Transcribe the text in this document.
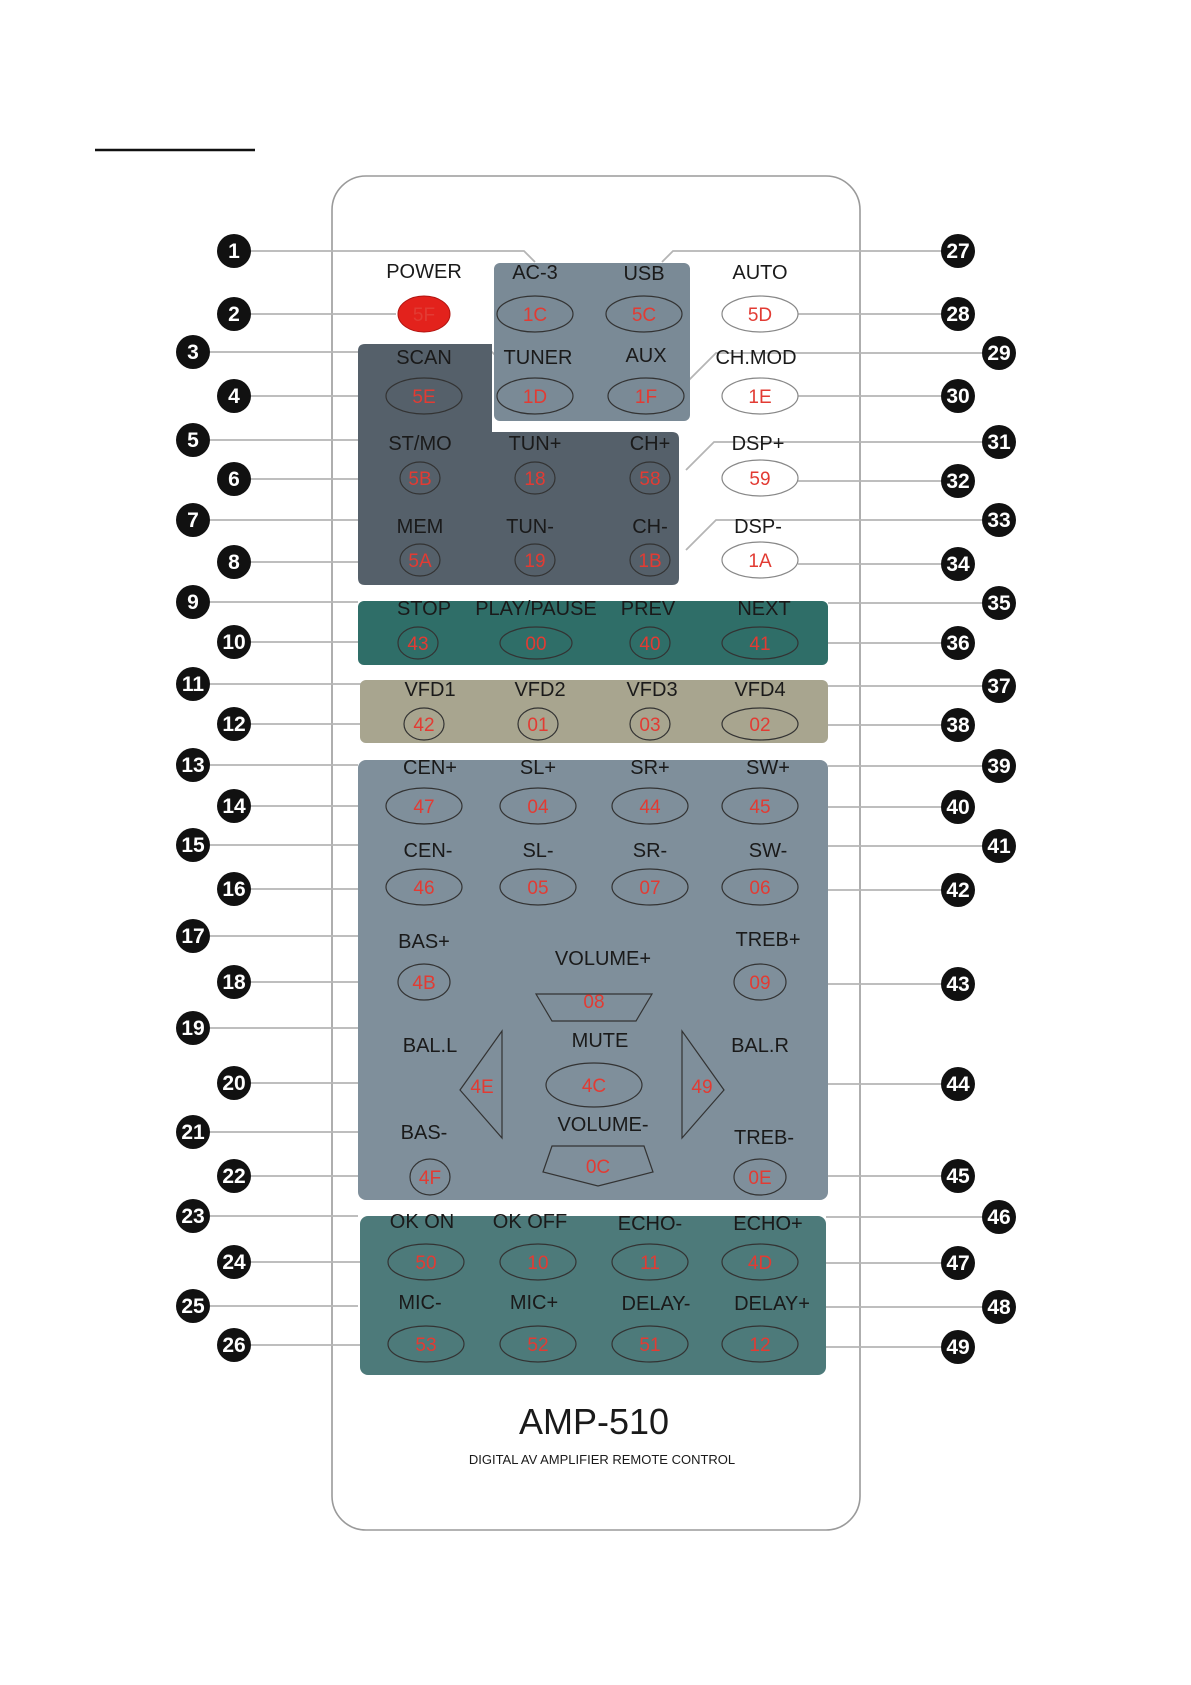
POWER
5F
AC-3
1C
USB
5C
AUTO
5D
SCAN
5E
TUNER
1D
AUX
1F
CH.MOD
1E
ST/MO
5B
TUN+
18
CH+
58
DSP+
59
MEM
5A
TUN-
19
CH-
1B
DSP-
1A
STOP
43
PLAY/PAUSE
00
PREV
40
NEXT
41
VFD1
42
VFD2
01
VFD3
03
VFD4
02
CEN+
47
SL+
04
SR+
44
SW+
45
CEN-
46
SL-
05
SR-
07
SW-
06
BAS+
4B
VOLUME+
08
TREB+
09
BAL.L
4E
MUTE
4C
BAL.R
49
BAS-
4F
VOLUME-
0C
TREB-
0E
OK ON
50
OK OFF
10
ECHO-
11
ECHO+
4D
MIC-
53
MIC+
52
DELAY-
51
DELAY+
12
1
2
3
4
5
6
7
8
9
10
11
12
13
14
15
16
17
18
19
20
21
22
23
24
25
26
27
28
29
30
31
32
33
34
35
36
37
38
39
40
41
42
43
44
45
46
47
48
49
AMP-510
DIGITAL AV AMPLIFIER REMOTE CONTROL
